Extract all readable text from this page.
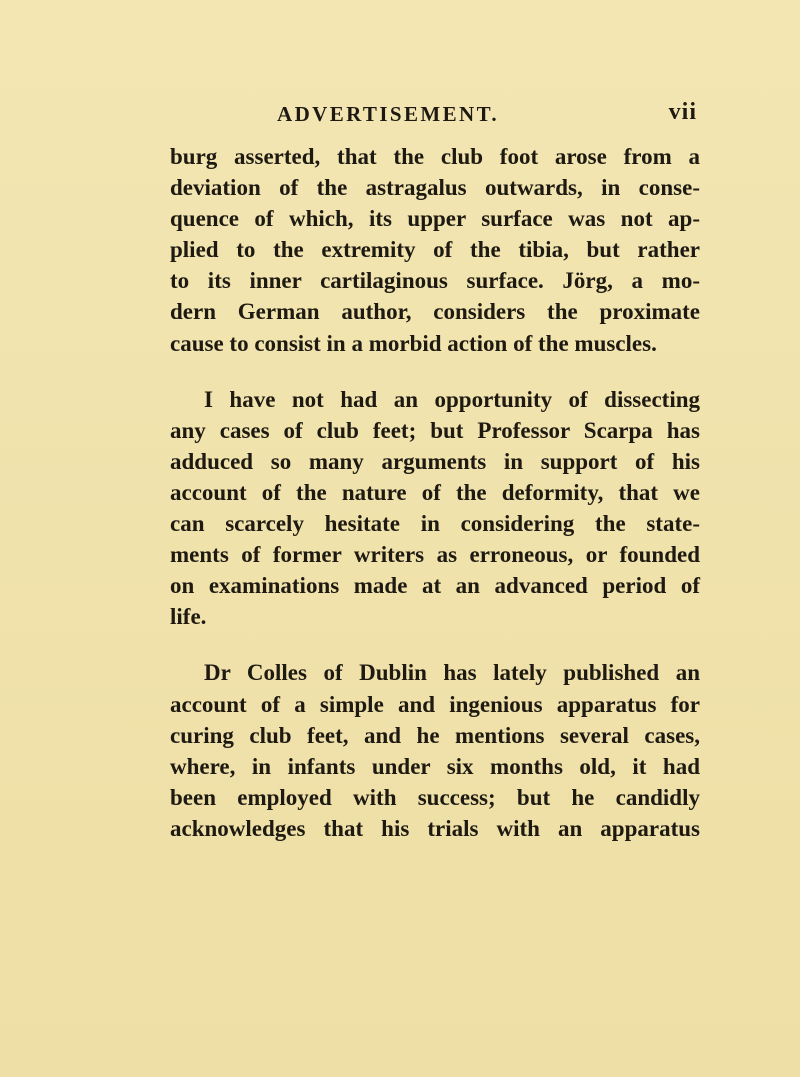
ADVERTISEMENT.	vii

burg asserted, that the club foot arose from a
deviation of the astragalus outwards, in conse-
quence of which, its upper surface was not ap-
plied to the extremity of the tibia, but rather
to its inner cartilaginous surface. Jörg, a mo-
dern German author, considers the proximate
cause to consist in a morbid action of the muscles.

I have not had an opportunity of dissecting
any cases of club feet; but Professor Scarpa has
adduced so many arguments in support of his
account of the nature of the deformity, that we
can scarcely hesitate in considering the state-
ments of former writers as erroneous, or founded
on examinations made at an advanced period of
life.

Dr Colles of Dublin has lately published an
account of a simple and ingenious apparatus for
curing club feet, and he mentions several cases,
where, in infants under six months old, it had
been employed with success; but he candidly
acknowledges that his trials with an apparatus
